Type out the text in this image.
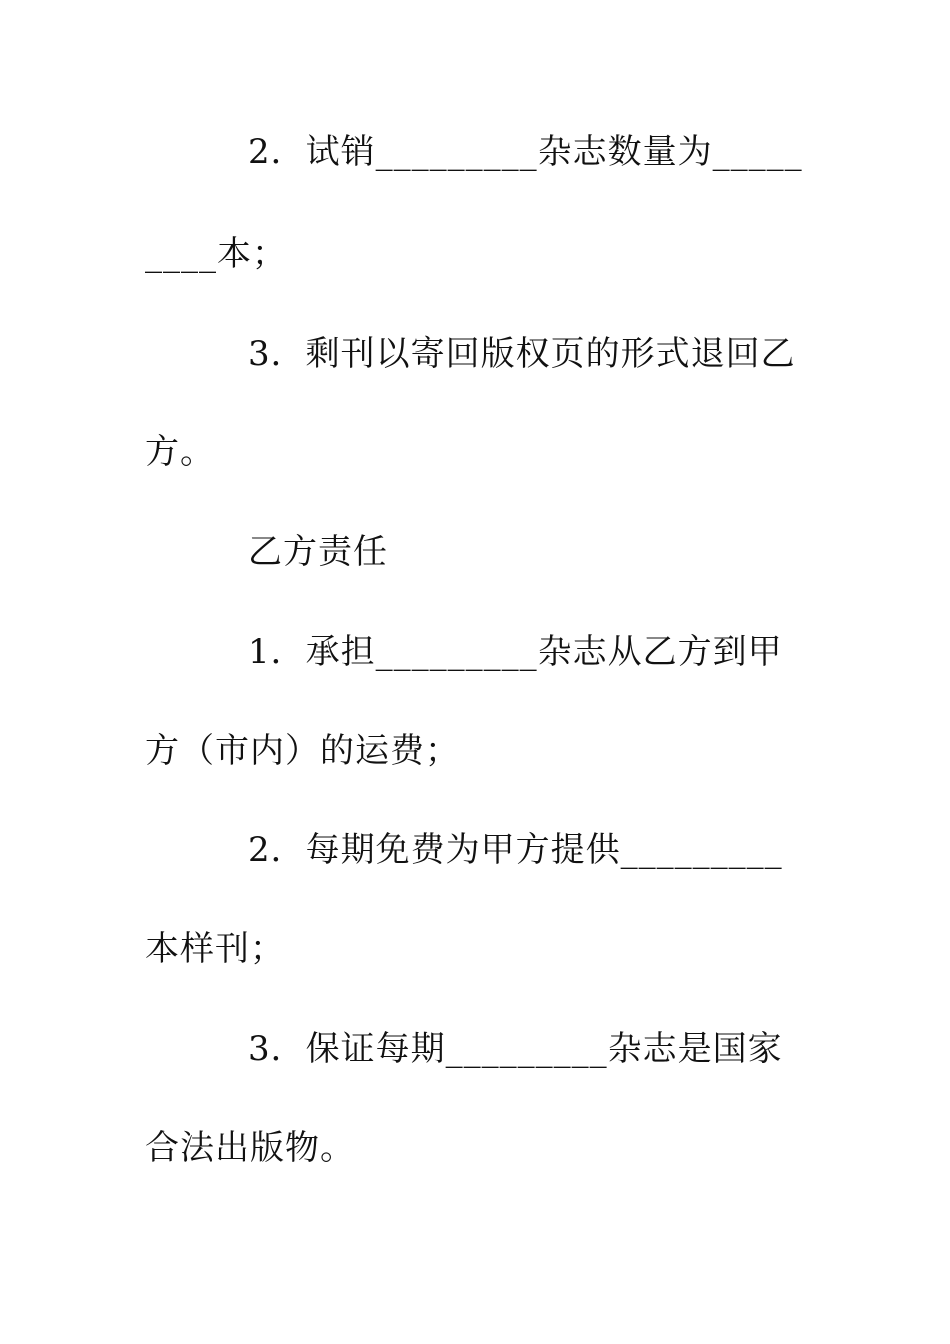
2．试销_________杂志数量为_____
____本；
3．剩刊以寄回版权页的形式退回乙
方。
乙方责任
1．承担_________杂志从乙方到甲
方（市内）的运费；
2．每期免费为甲方提供_________
本样刊；
3．保证每期_________杂志是国家
合法出版物。
